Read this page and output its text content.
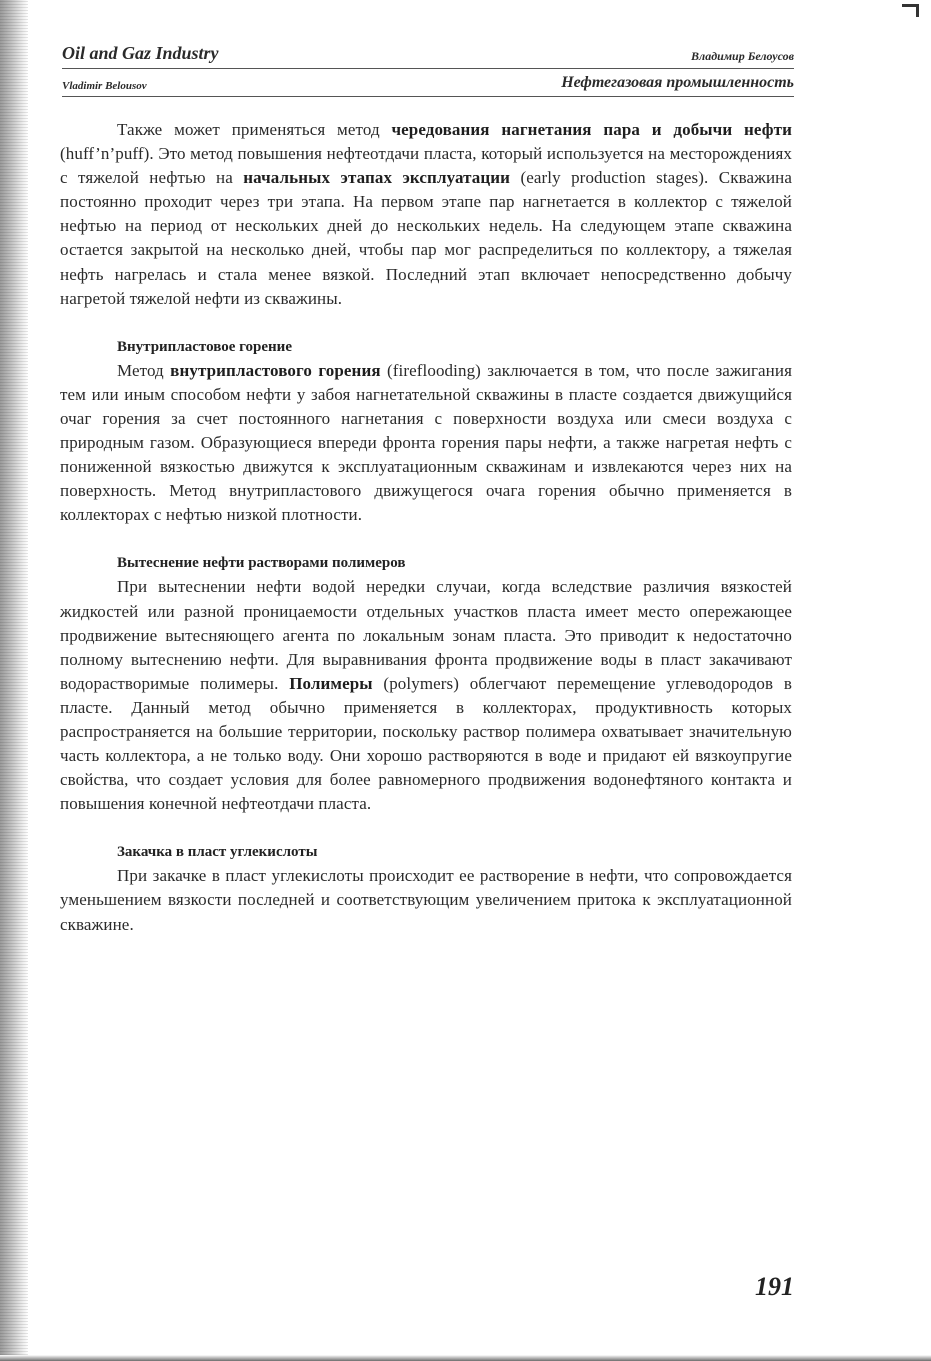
Oil and Gaz Industry	Владимир Белоусов
Vladimir Belousov	Нефтегазовая промышленность

Также может применяться метод чередования нагнетания пара и добычи нефти (huff’n’puff). Это метод повышения нефтеотдачи пласта, который используется на месторождениях с тяжелой нефтью на начальных этапах эксплуатации (early production stages). Скважина постоянно проходит через три этапа. На первом этапе пар нагнетается в коллектор с тяжелой нефтью на период от нескольких дней до нескольких недель. На следующем этапе скважина остается закрытой на несколько дней, чтобы пар мог распределиться по коллектору, а тяжелая нефть нагрелась и стала менее вязкой. Последний этап включает непосредственно добычу нагретой тяжелой нефти из скважины.

Внутрипластовое горение

Метод внутрипластового горения (fireflooding) заключается в том, что после зажигания тем или иным способом нефти у забоя нагнетательной скважины в пласте создается движущийся очаг горения за счет постоянного нагнетания с поверхности воздуха или смеси воздуха с природным газом. Образующиеся впереди фронта горения пары нефти, а также нагретая нефть с пониженной вязкостью движутся к эксплуатационным скважинам и извлекаются через них на поверхность. Метод внутрипластового движущегося очага горения обычно применяется в коллекторах с нефтью низкой плотности.

Вытеснение нефти растворами полимеров

При вытеснении нефти водой нередки случаи, когда вследствие различия вязкостей жидкостей или разной проницаемости отдельных участков пласта имеет место опережающее продвижение вытесняющего агента по локальным зонам пласта. Это приводит к недостаточно полному вытеснению нефти. Для выравнивания фронта продвижение воды в пласт закачивают водорастворимые полимеры. Полимеры (polymers) облегчают перемещение углеводородов в пласте. Данный метод обычно применяется в коллекторах, продуктивность которых распространяется на большие территории, поскольку раствор полимера охватывает значительную часть коллектора, а не только воду. Они хорошо растворяются в воде и придают ей вязкоупругие свойства, что создает условия для более равномерного продвижения водонефтяного контакта и повышения конечной нефтеотдачи пласта.

Закачка в пласт углекислоты

При закачке в пласт углекислоты происходит ее растворение в нефти, что сопровождается уменьшением вязкости последней и соответствующим увеличением притока к эксплуатационной скважине.

191
